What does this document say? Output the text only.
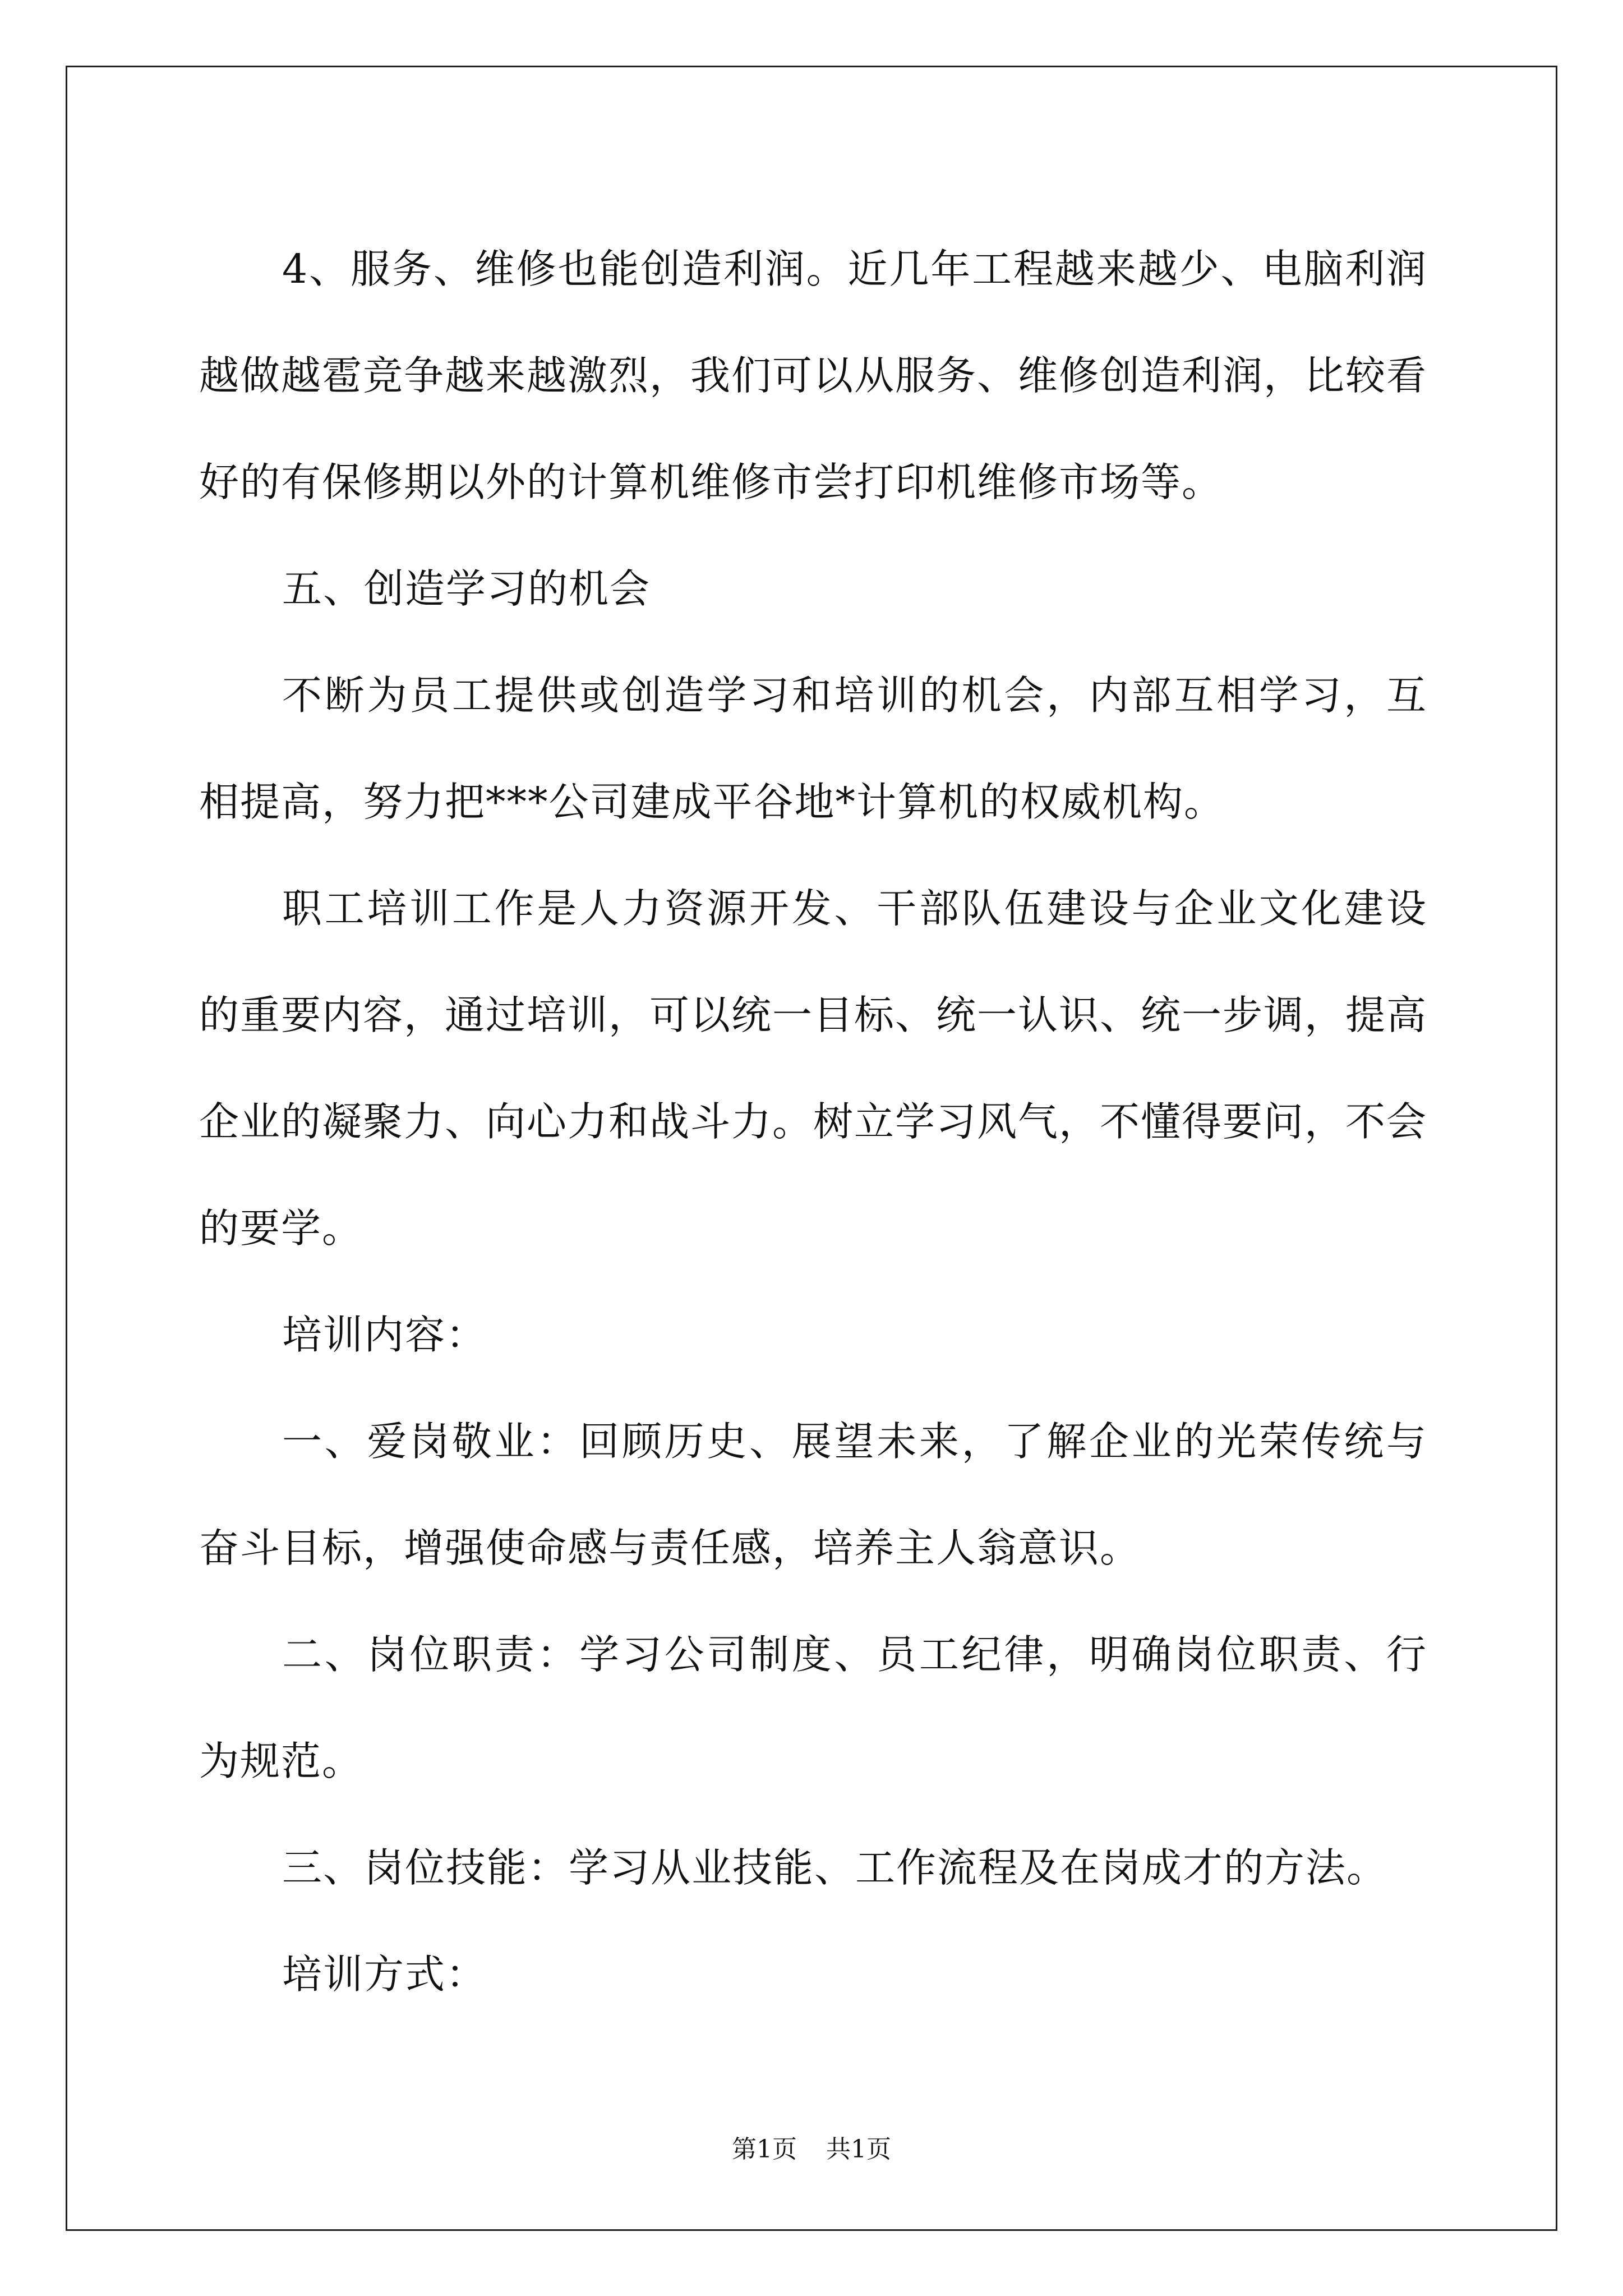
4、服务、维修也能创造利润。近几年工程越来越少、电脑利润越做越雹竞争越来越激烈，我们可以从服务、维修创造利润，比较看好的有保修期以外的计算机维修市尝打印机维修市场等。

五、创造学习的机会

不断为员工提供或创造学习和培训的机会，内部互相学习，互相提高，努力把***公司建成平谷地*计算机的权威机构。

职工培训工作是人力资源开发、干部队伍建设与企业文化建设的重要内容，通过培训，可以统一目标、统一认识、统一步调，提高企业的凝聚力、向心力和战斗力。树立学习风气，不懂得要问，不会的要学。

培训内容：

一、爱岗敬业：回顾历史、展望未来，了解企业的光荣传统与奋斗目标，增强使命感与责任感，培养主人翁意识。

二、岗位职责：学习公司制度、员工纪律，明确岗位职责、行为规范。

三、岗位技能：学习从业技能、工作流程及在岗成才的方法。

培训方式：

第1页 共1页
